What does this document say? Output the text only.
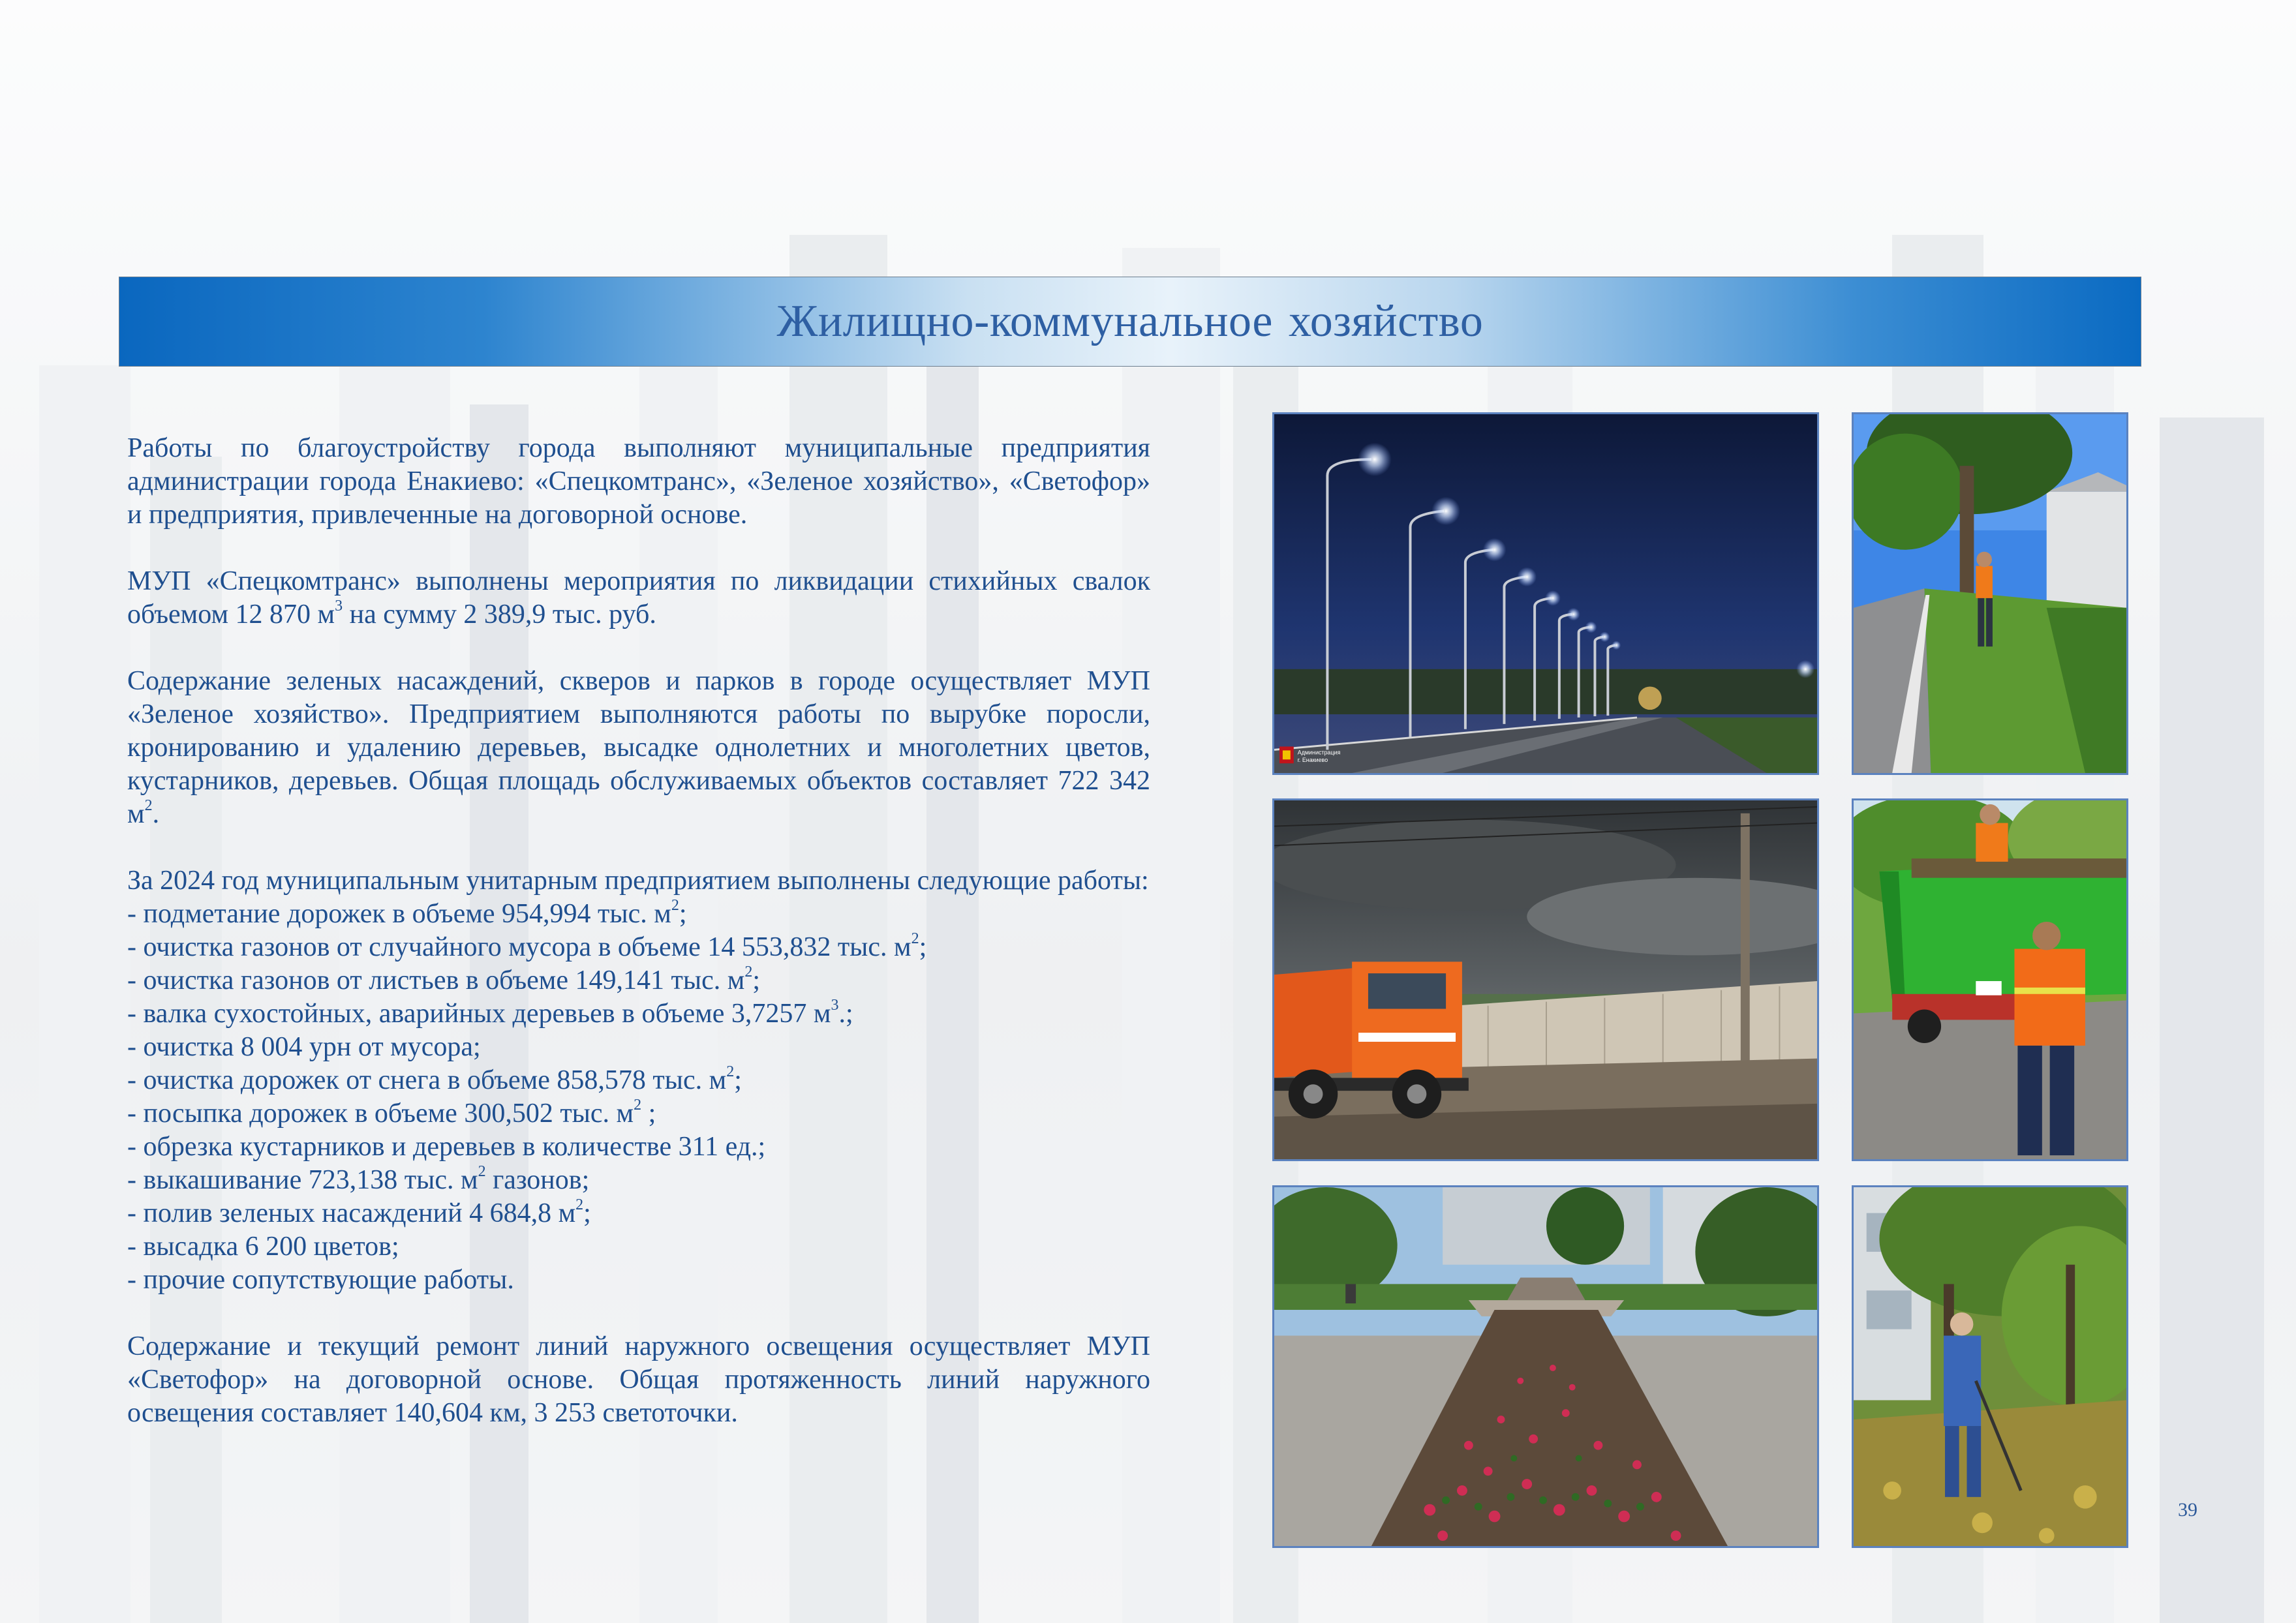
Жилищно-коммунальное хозяйство

Работы по благоустройству города выполняют муниципальные предприятия администрации города Енакиево: «Спецкомтранс», «Зеленое хозяйство», «Светофор» и предприятия, привлеченные на договорной основе.

МУП «Спецкомтранс» выполнены мероприятия по ликвидации стихийных свалок объемом 12 870 $м^3$ на сумму 2 389,9 тыс. руб.

Содержание зеленых насаждений, скверов и парков в городе осуществляет МУП «Зеленое хозяйство». Предприятием выполняются работы по вырубке поросли, кронированию и удалению деревьев, высадке однолетних и многолетних цветов, кустарников, деревьев. Общая площадь обслуживаемых объектов составляет 722 342 $м^2$.

За 2024 год муниципальным унитарным предприятием выполнены следующие работы:

- подметание дорожек в объеме 954,994 тыс. $м^2$;
- очистка газонов от случайного мусора в объеме 14 553,832 тыс. $м^2$;
- очистка газонов от листьев в объеме 149,141 тыс. $м^2$;
- валка сухостойных, аварийных деревьев в объеме 3,7257 $м^3$.;
- очистка 8 004 урн от мусора;
- очистка дорожек от снега в объеме 858,578 тыс. $м^2$;
- посыпка дорожек в объеме 300,502 тыс. $м^2$ ;
- обрезка кустарников и деревьев в количестве 311 ед.;
- выкашивание 723,138 тыс. $м^2$ газонов;
- полив зеленых насаждений 4 684,8 $м^2$;
- высадка 6 200 цветов;
- прочие сопутствующие работы.

Содержание и текущий ремонт линий наружного освещения осуществляет МУП «Светофор» на договорной основе. Общая протяженность линий наружного освещения составляет 140,604 км, 3 253 светоточки.

Администрация
г. Енакиево
39
